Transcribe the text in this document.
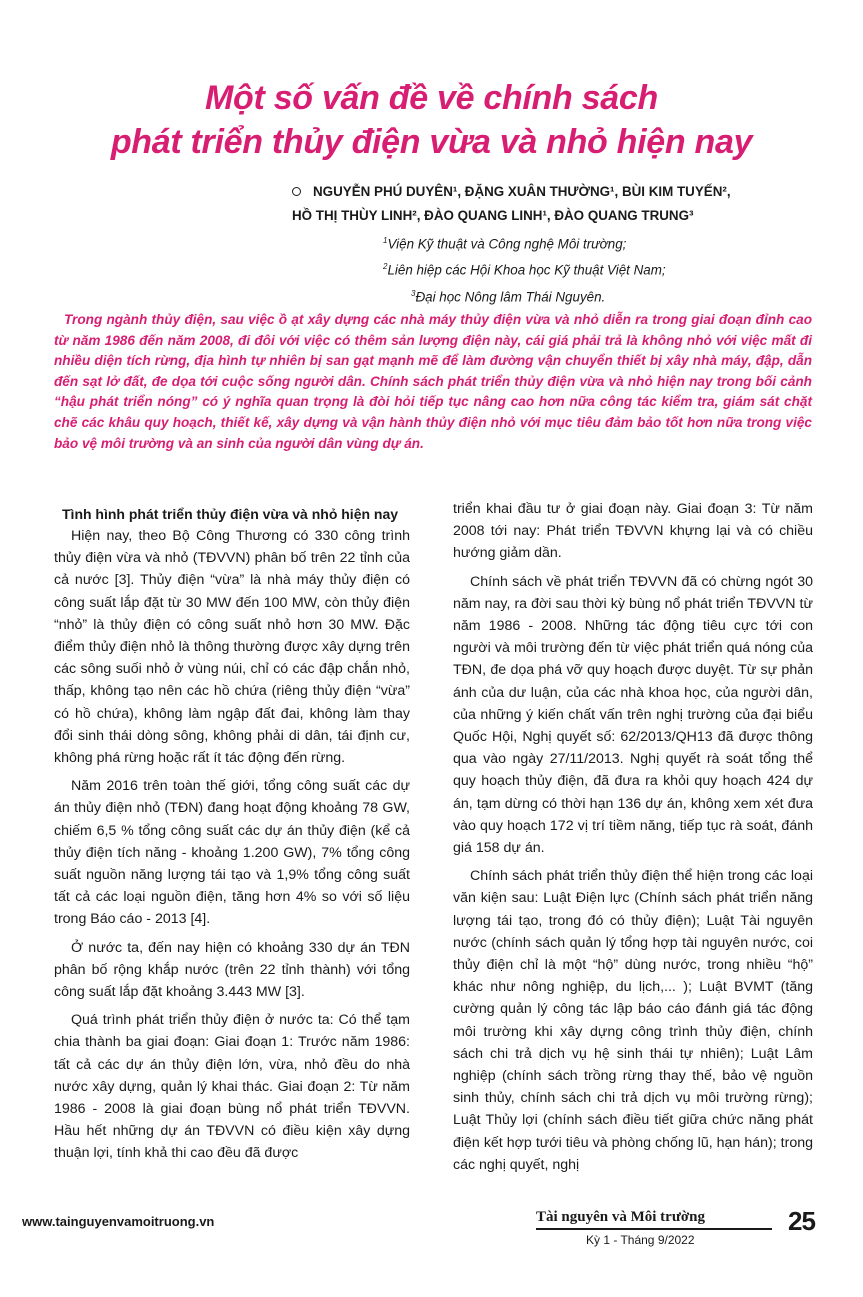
Một số vấn đề về chính sách
phát triển thủy điện vừa và nhỏ hiện nay
NGUYỄN PHÚ DUYÊN¹, ĐẶNG XUÂN THƯỜNG¹, BÙI KIM TUYẾN²,
HỒ THỊ THÙY LINH², ĐÀO QUANG LINH¹, ĐÀO QUANG TRUNG³
$^1$Viện Kỹ thuật và Công nghệ Môi trường;
$^2$Liên hiệp các Hội Khoa học Kỹ thuật Việt Nam;
$^3$Đại học Nông lâm Thái Nguyên.
Trong ngành thủy điện, sau việc ồ ạt xây dựng các nhà máy thủy điện vừa và nhỏ diễn ra trong giai đoạn đỉnh cao từ năm 1986 đến năm 2008, đi đôi với việc có thêm sản lượng điện này, cái giá phải trả là không nhỏ với việc mất đi nhiều diện tích rừng, địa hình tự nhiên bị san gạt mạnh mẽ để làm đường vận chuyển thiết bị xây nhà máy, đập, dẫn đến sạt lở đất, đe dọa tới cuộc sống người dân. Chính sách phát triển thủy điện vừa và nhỏ hiện nay trong bối cảnh “hậu phát triển nóng” có ý nghĩa quan trọng là đòi hỏi tiếp tục nâng cao hơn nữa công tác kiểm tra, giám sát chặt chẽ các khâu quy hoạch, thiết kế, xây dựng và vận hành thủy điện nhỏ với mục tiêu đảm bảo tốt hơn nữa trong việc bảo vệ môi trường và an sinh của người dân vùng dự án.
Tình hình phát triển thủy điện vừa và nhỏ hiện nay

Hiện nay, theo Bộ Công Thương có 330 công trình thủy điện vừa và nhỏ (TĐVVN) phân bố trên 22 tỉnh của cả nước [3]. Thủy điện “vừa” là nhà máy thủy điện có công suất lắp đặt từ 30 MW đến 100 MW, còn thủy điện “nhỏ” là thủy điện có công suất nhỏ hơn 30 MW. Đặc điểm thủy điện nhỏ là thông thường được xây dựng trên các sông suối nhỏ ở vùng núi, chỉ có các đập chắn nhỏ, thấp, không tạo nên các hồ chứa (riêng thủy điện “vừa” có hồ chứa), không làm ngập đất đai, không làm thay đổi sinh thái dòng sông, không phải di dân, tái định cư, không phá rừng hoặc rất ít tác động đến rừng.

Năm 2016 trên toàn thế giới, tổng công suất các dự án thủy điện nhỏ (TĐN) đang hoạt động khoảng 78 GW, chiếm 6,5 % tổng công suất các dự án thủy điện (kể cả thủy điện tích năng - khoảng 1.200 GW), 7% tổng công suất nguồn năng lượng tái tạo và 1,9% tổng công suất tất cả các loại nguồn điện, tăng hơn 4% so với số liệu trong Báo cáo - 2013 [4].

Ở nước ta, đến nay hiện có khoảng 330 dự án TĐN phân bố rộng khắp nước (trên 22 tỉnh thành) với tổng công suất lắp đặt khoảng 3.443 MW [3].

Quá trình phát triển thủy điện ở nước ta: Có thể tạm chia thành ba giai đoạn: Giai đoạn 1: Trước năm 1986: tất cả các dự án thủy điện lớn, vừa, nhỏ đều do nhà nước xây dựng, quản lý khai thác. Giai đoạn 2: Từ năm 1986 - 2008 là giai đoạn bùng nổ phát triển TĐVVN. Hầu hết những dự án TĐVVN có điều kiện xây dựng thuận lợi, tính khả thi cao đều đã được

triển khai đầu tư ở giai đoạn này. Giai đoạn 3: Từ năm 2008 tới nay: Phát triển TĐVVN khựng lại và có chiều hướng giảm dần.

Chính sách về phát triển TĐVVN đã có chừng ngót 30 năm nay, ra đời sau thời kỳ bùng nổ phát triển TĐVVN từ năm 1986 - 2008. Những tác động tiêu cực tới con người và môi trường đến từ việc phát triển quá nóng của TĐN, đe dọa phá vỡ quy hoạch được duyệt. Từ sự phản ánh của dư luận, của các nhà khoa học, của người dân, của những ý kiến chất vấn trên nghị trường của đại biểu Quốc Hội, Nghị quyết số: 62/2013/QH13 đã được thông qua vào ngày 27/11/2013. Nghị quyết rà soát tổng thể quy hoạch thủy điện, đã đưa ra khỏi quy hoạch 424 dự án, tạm dừng có thời hạn 136 dự án, không xem xét đưa vào quy hoạch 172 vị trí tiềm năng, tiếp tục rà soát, đánh giá 158 dự án.

Chính sách phát triển thủy điện thể hiện trong các loại văn kiện sau: Luật Điện lực (Chính sách phát triển năng lượng tái tạo, trong đó có thủy điện); Luật Tài nguyên nước (chính sách quản lý tổng hợp tài nguyên nước, coi thủy điện chỉ là một “hộ” dùng nước, trong nhiều “hộ” khác như nông nghiệp, du lịch,... ); Luật BVMT (tăng cường quản lý công tác lập báo cáo đánh giá tác động môi trường khi xây dựng công trình thủy điện, chính sách chi trả dịch vụ hệ sinh thái tự nhiên); Luật Lâm nghiệp (chính sách trồng rừng thay thế, bảo vệ nguồn sinh thủy, chính sách chi trả dịch vụ môi trường rừng); Luật Thủy lợi (chính sách điều tiết giữa chức năng phát điện kết hợp tưới tiêu và phòng chống lũ, hạn hán); trong các nghị quyết, nghị

www.tainguyenvamoitruong.vn	Tài nguyên và Môi trường
Kỳ 1 - Tháng 9/2022
25
